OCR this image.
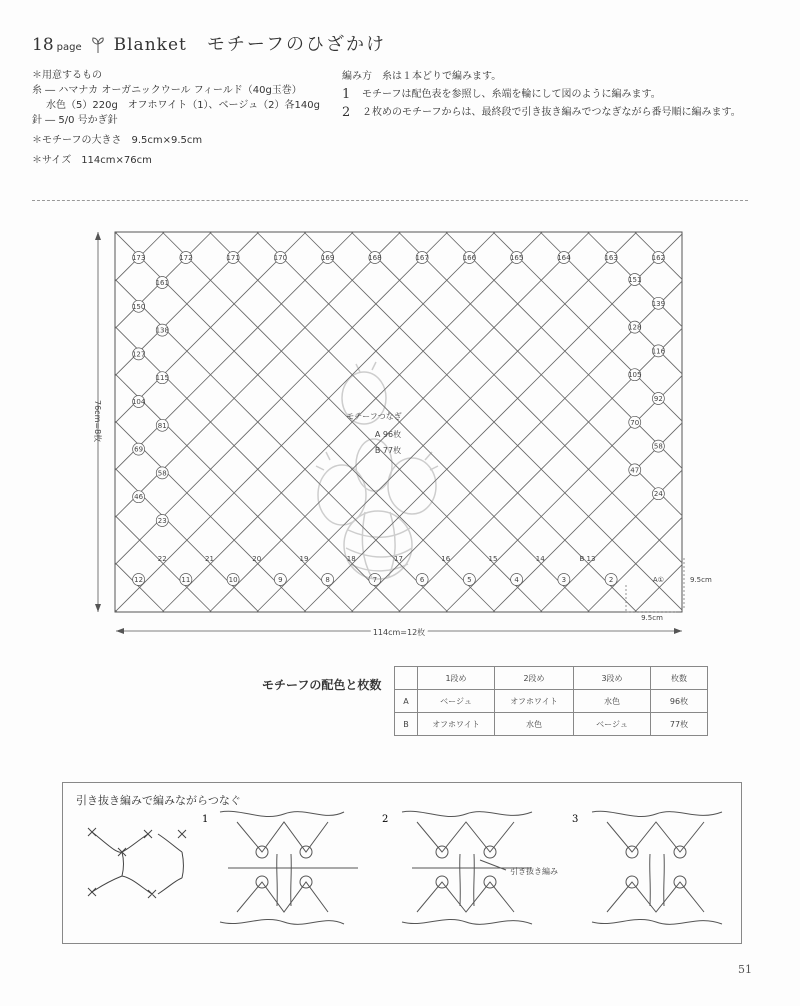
18 page Blanket モチーフのひざかけ
＊用意するもの
糸 ― ハマナカ オーガニックウール フィールド（40g玉巻）
水色（5）220g　オフホワイト（1）、ベージュ（2）各140g
針 ― 5/0 号かぎ針
＊モチーフの大きさ　9.5cm×9.5cm
＊サイズ　114cm×76cm
編み方　糸は１本どりで編みます。
1	モチーフは配色表を参照し、糸端を輪にして図のように編みます。
2	２枚めのモチーフからは、最終段で引き抜き編みでつなぎながら番号順に編みます。
173	172	171	170	169	168	167	166	165	164	163	162
12	11	10	9	8	7	6	5	4	3	2	A①
22	21	20	19	18	17	16	15	14	B 13
161
150
138
127
115
104
81
69
58
46
23
151
139
128
116
105
92
70
58
47
24
モチーフつなぎ
A 96枚
B 77枚
76cm=8枚
114cm=12枚
9.5cm
9.5cm
モチーフの配色と枚数
		1段め	2段め	3段め	枚数
A	ベージュ	オフホワイト	水色	96枚
B	オフホワイト	水色	ベージュ	77枚
引き抜き編みで編みながらつなぐ
1	2	3
引き抜き編み
51
